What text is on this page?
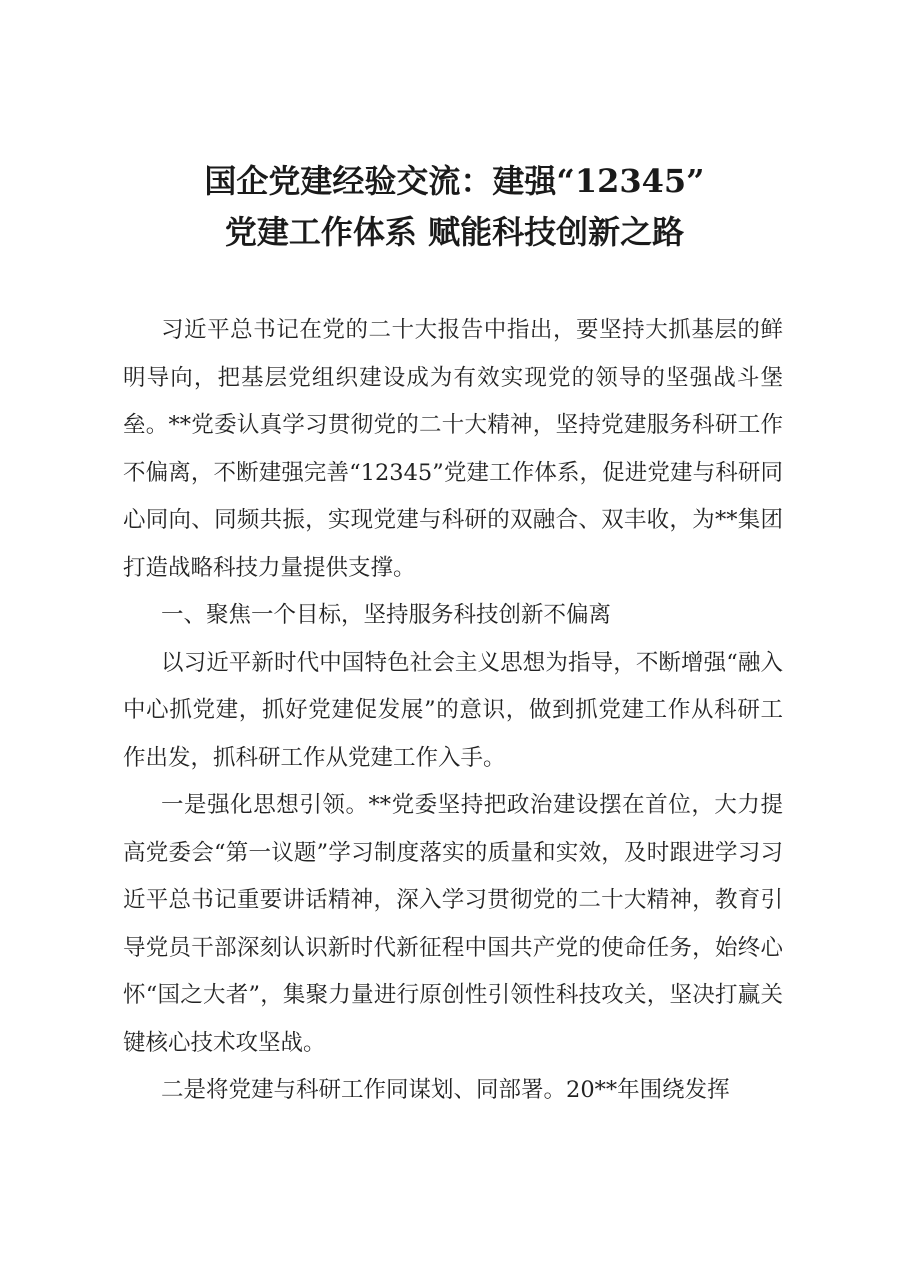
国企党建经验交流：建强“12345”
党建工作体系 赋能科技创新之路

习近平总书记在党的二十大报告中指出，要坚持大抓基层的鲜明导向，把基层党组织建设成为有效实现党的领导的坚强战斗堡垒。**党委认真学习贯彻党的二十大精神，坚持党建服务科研工作不偏离，不断建强完善“12345”党建工作体系，促进党建与科研同心同向、同频共振，实现党建与科研的双融合、双丰收，为**集团打造战略科技力量提供支撑。

一、聚焦一个目标，坚持服务科技创新不偏离

以习近平新时代中国特色社会主义思想为指导，不断增强“融入中心抓党建，抓好党建促发展”的意识，做到抓党建工作从科研工作出发，抓科研工作从党建工作入手。

一是强化思想引领。**党委坚持把政治建设摆在首位，大力提高党委会“第一议题”学习制度落实的质量和实效，及时跟进学习习近平总书记重要讲话精神，深入学习贯彻党的二十大精神，教育引导党员干部深刻认识新时代新征程中国共产党的使命任务，始终心怀“国之大者”，集聚力量进行原创性引领性科技攻关，坚决打赢关键核心技术攻坚战。

二是将党建与科研工作同谋划、同部署。20**年围绕发挥
